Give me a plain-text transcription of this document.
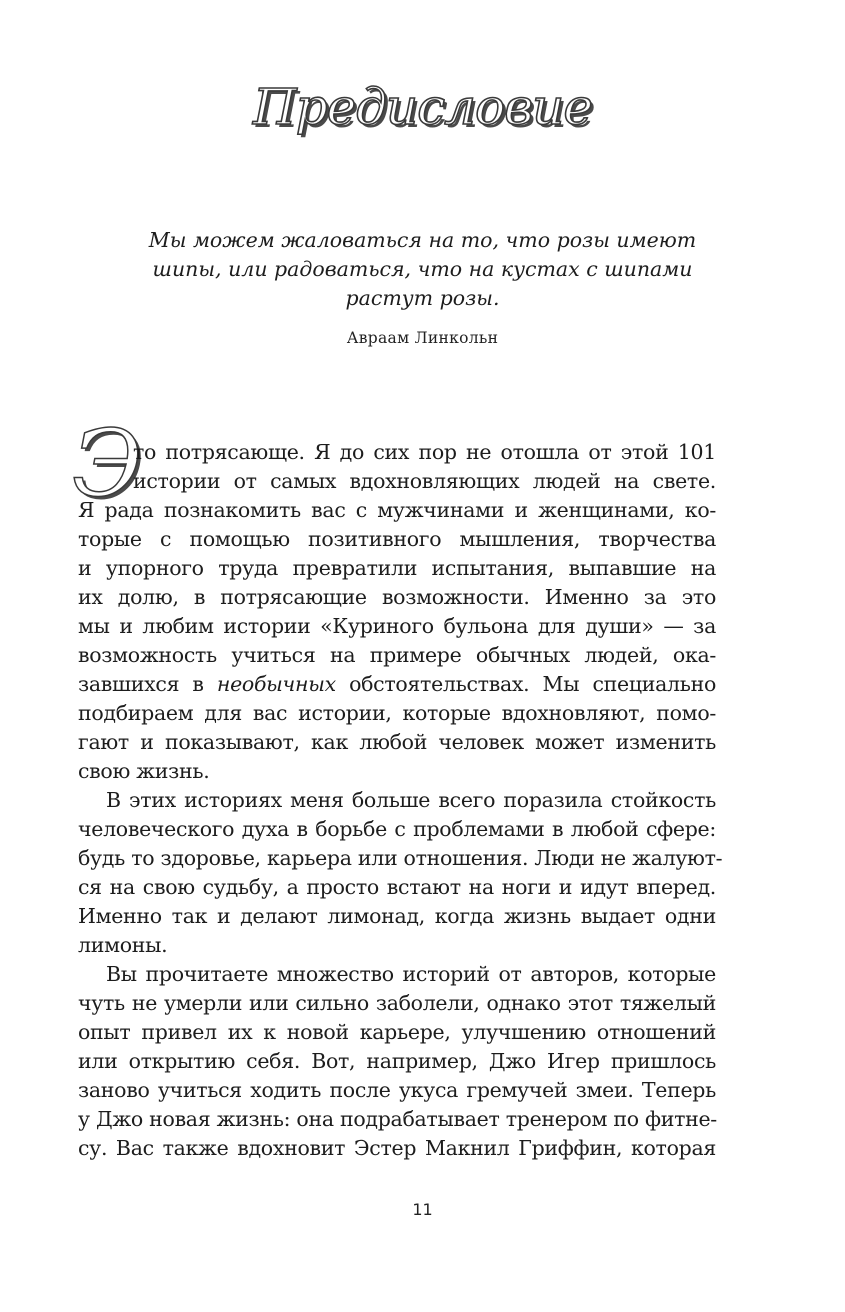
Предисловие
Мы можем жаловаться на то, что розы имеют
шипы, или радоваться, что на кустах с шипами
растут розы.
Авраам Линкольн
Э
то потрясающе. Я до сих пор не отошла от этой 101
истории от самых вдохновляющих людей на свете.
Я рада познакомить вас с мужчинами и женщинами, ко-
торые с помощью позитивного мышления, творчества
и упорного труда превратили испытания, выпавшие на
их долю, в потрясающие возможности. Именно за это
мы и любим истории «Куриного бульона для души» — за
возможность учиться на примере обычных людей, ока-
завшихся в необычных обстоятельствах. Мы специально
подбираем для вас истории, которые вдохновляют, помо-
гают и показывают, как любой человек может изменить
свою жизнь.
В этих историях меня больше всего поразила стойкость
человеческого духа в борьбе с проблемами в любой сфере:
будь то здоровье, карьера или отношения. Люди не жалуют-
ся на свою судьбу, а просто встают на ноги и идут вперед.
Именно так и делают лимонад, когда жизнь выдает одни
лимоны.
Вы прочитаете множество историй от авторов, которые
чуть не умерли или сильно заболели, однако этот тяжелый
опыт привел их к новой карьере, улучшению отношений
или открытию себя. Вот, например, Джо Игер пришлось
заново учиться ходить после укуса гремучей змеи. Теперь
у Джо новая жизнь: она подрабатывает тренером по фитне-
су. Вас также вдохновит Эстер Макнил Гриффин, которая
11
